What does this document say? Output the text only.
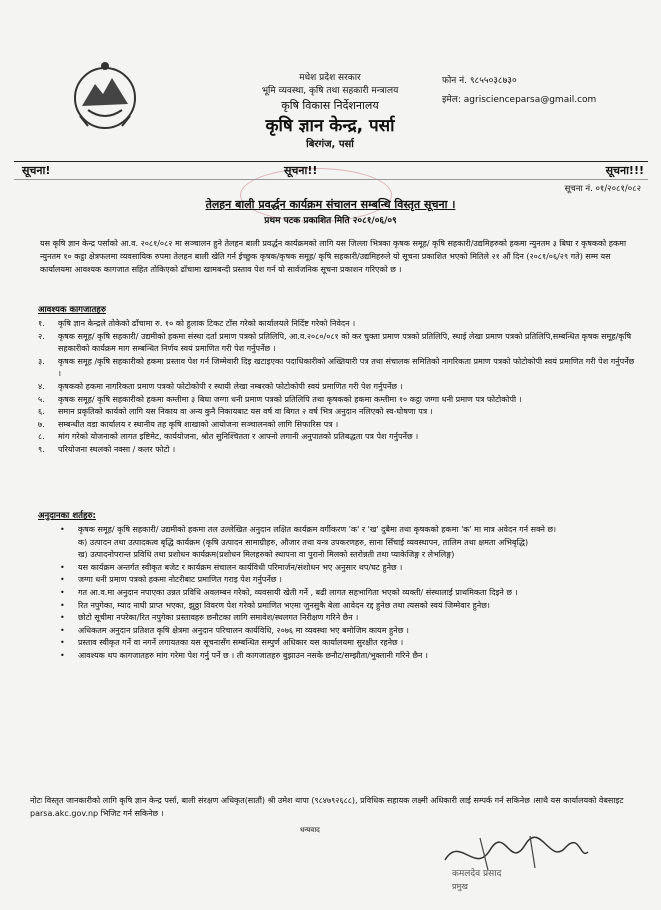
मधेश प्रदेश सरकार
भूमि व्यवस्था, कृषि तथा सहकारी मन्त्रालय
कृषि विकास निर्देशनालय
कृषि ज्ञान केन्द्र, पर्सा
बिरगंज, पर्सा
फोन नं. ९८५५०३८७३०
इमेल: agriscienceparsa@gmail.com
सूचना!	सूचना!!	सूचना!!!
सूचना नं. ०१/२०८१/०८२
तेलहन बाली प्रवर्द्धन कार्यक्रम संचालन सम्बन्धि विस्तृत सूचना ।
प्रथम पटक प्रकाशित मिति २०८१/०६/०९
यस कृषि ज्ञान केन्द्र पर्साको आ.व. २०८१/०८२ मा सञ्चालन हुने तेलहन बाली प्रवर्द्धन कार्यक्रमको लागि यस जिल्ला भित्रका कृषक समूह/ कृषि सहकारी/उद्यमिहरुको हकमा न्युनतम ३ बिघा र कृषकको हकमा न्युनतम १० कट्ठा क्षेत्रफलमा व्यवसायिक रुपमा तेलहन बाली खेति गर्न ईच्छुक कृषक/कृषक समूह/ कृषि सहकारी/उद्यमिहरुले यो सूचना प्रकाशित भएको मितिले २१ औं दिन (२०८१/०६/२९ गते) सम्म यस कार्यालयमा आवश्यक कागजात सहित तोकिएको ढाँचामा खामबन्दी प्रस्ताव पेश गर्न यो सार्वजनिक सूचना प्रकाशन गरिएको छ ।
आवश्यक कागजातहरु
१.	कृषि ज्ञान केन्द्रले तोकेको ढाँचामा रु. १० को हुलाक टिकट टाँस गरेको कार्यालयले निर्दिष्ट गरेको निवेदन ।
२.	कृषक समूह/ कृषि सहकारी/ उद्यमीको हकमा संस्था दर्ता प्रमाण पत्रको प्रतिलिपि, आ.व.२०८०/०८१ को कर चुक्ता प्रमाण पत्रको प्रतिलिपि, स्थाई लेखा प्रमाण पत्रको प्रतिलिपि,सम्बन्धित कृषक समूह/कृषि सहकारीको कार्यक्रम माग सम्बन्धित निर्णय स्वयं प्रमाणित गरी पेश गर्नुपर्नेछ ।
३.	कृषक समूह /कृषि सहकारीको हकमा प्रस्ताव पेश गर्न जिम्मेवारी दिइ खटाइएका पदाधिकारीको अख्तियारी पत्र तथा संचालक समितिको नागरिकता प्रमाण पत्रको फोटोकोपी स्वयं प्रमाणित गरी पेश गर्नुपर्नेछ ।
४.	कृषकको हकमा नागरिकता प्रमाण पत्रको फोटोकोपी र स्थायी लेखा नम्बरको फोटोकोपी स्वयं प्रमाणित गरी पेश गर्नुपर्नेछ ।
५.	कृषक समूह/ कृषि सहकारीको हकमा कम्तीमा ३ बिघा जग्गा धनी प्रमाण पत्रको प्रतिलिपि तथा कृषकको हकमा कम्तीमा १० कट्ठा जग्गा धनी प्रमाण पत्र फोटोकोपी ।
६.	समान प्रकृतिको कार्यको लागि यस निकाय वा अन्य कुनै निकायबाट यस वर्ष वा बिगत २ वर्ष भित्र अनुदान नलिएको स्व-घोषणा पत्र ।
७.	सम्बन्धीत वडा कार्यालय र स्थानीय तह कृषि शाखाको आयोजना सञ्चालनको लागि सिफारिस पत्र ।
८.	मांग गरेको योजनाको लागत इष्टिमेट, कार्ययोजना, श्रोत सुनिश्चितता र आफ्नो लगानी अनुपातको प्रतिबद्धता पत्र पेश गर्नुपर्नेछ ।
९.	परियोजना स्थलको नक्सा / कलर फोटो ।
अनुदानका शर्तहरु:
•	कृषक समूह/ कृषि सहकारी/ उद्यमीको हकमा तल उल्लेखित अनुदान लक्षित कार्यक्रम वर्गीकरण 'क' र 'ख' दुबैमा तथा कृषकको हकमा 'क' मा मात्र अवेदन गर्न सक्ने छ।
क) उत्पादन तथा उत्पादकत्व बृद्धि कार्यक्रम (कृषि उत्पादन सामाग्रीहरु, औजार तथा यन्त्र उपकरणहरु, साना सिँचाई व्यवस्थापन, तालिम तथा क्षमता अभिबृद्धि)
ख) उत्पादनोपरान्त प्रविधि तथा प्रशोधन कार्यक्रम(प्रशोधन मिलहरुको स्थापना वा पुरानो मिलको स्तरोन्नती तथा प्याकेजिङ्ग र लेभलिङ्ग)
•	यस कार्यक्रम अन्तर्गत स्वीकृत बजेट र कार्यक्रम संचालन कार्यविधी परिमार्जन/संशोधन भए अनुसार थप/घट हुनेछ ।
•	जग्गा धनी प्रमाण पत्रको हकमा नोटरीबाट प्रमाणित गराइ पेश गर्नुपर्नेछ ।
•	गत आ.व.मा अनुदान नपाएका उन्नत प्रविधि अवलम्बन गरेको, व्यवसायी खेती गर्ने , बढी लागत सहभागिता भएको व्यक्ती/ संस्थालाई प्राथमिकता दिइने छ ।
•	रित नपुगेका, म्याद नाघी प्राप्त भएका, झुठ्ठा विवरण पेश गरेको प्रमाणित भएमा जुनसुकै बेला आवेदन रद्द हुनेछ तथा त्यसको स्वयं जिम्मेवार हुनेछ।
•	छोटो सूचीमा नपरेका/रित नपुगेका प्रस्तावहरु छनौटका लागि समावेश/स्थलगत निरीक्षण गरिने छैन ।
•	अधिकतम अनुदान प्रतिशत कृषि क्षेत्रमा अनुदान परिचालन कार्यविधि, २०७६ मा व्यवस्था भए बमोजिम कायम हुनेछ ।
•	प्रस्ताव स्वीकृत गर्ने वा नगर्ने लगायतका यस सूचनासँग सम्बन्धित सम्पुर्ण अधिकार यस कार्यालयमा सुरक्षीत रहनेछ ।
•	आवश्यक थप कागजातहरु मांग गरेमा पेश गर्नु पर्ने छ । ती कागजातहरु बुझाउन नसके छनौट/सम्झौता/भुक्तानी गरिने छैन ।
नोटः विस्तृत जानकारीको लागि कृषि ज्ञान केन्द्र पर्सा, बाली संरक्षण अधिकृत(सातौं) श्री उमेश थापा (९८४७९२६८८), प्रविधिक सहायक लक्ष्मी अधिकारी लाई सम्पर्क गर्न सकिनेछ ।साथै यस कार्यालयको वेबसाइट parsa.akc.gov.np भिजिट गर्न सकिनेछ ।
धन्यवाद
कमलदेव प्रसाद
प्रमुख
